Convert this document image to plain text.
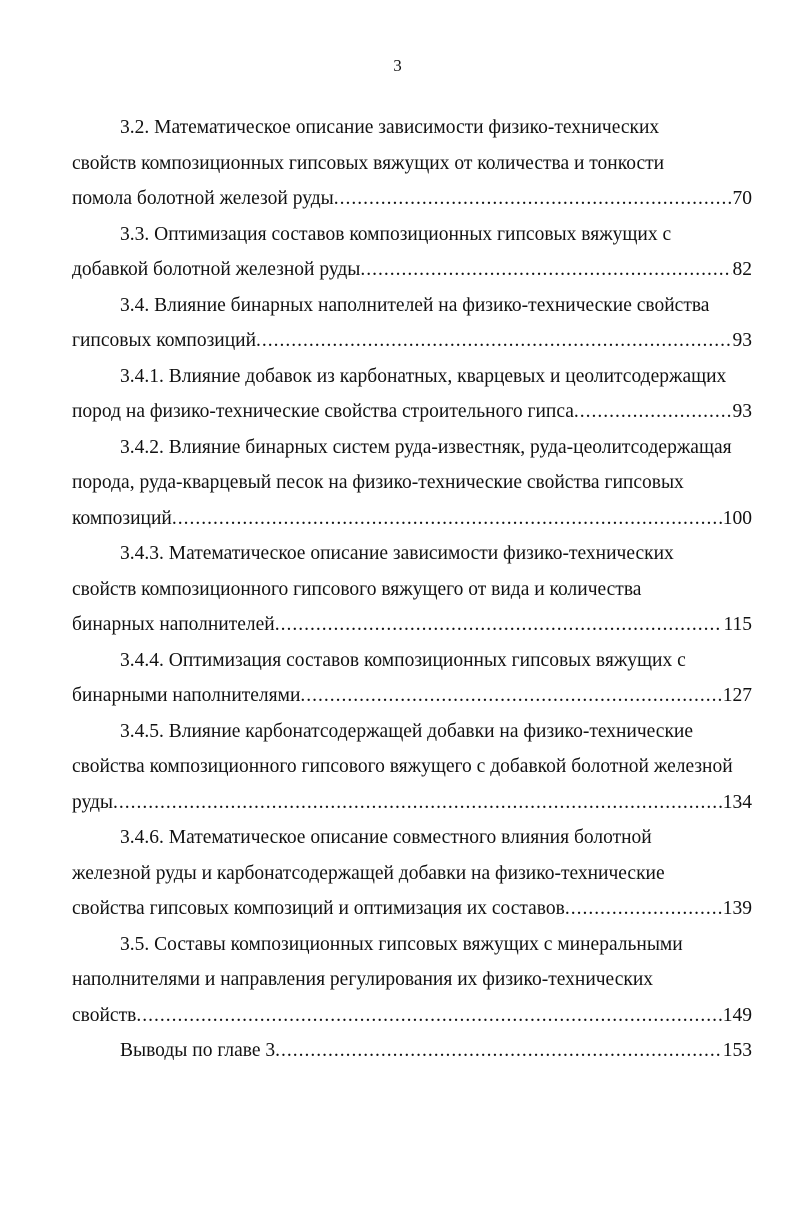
3
3.2. Математическое описание зависимости физико-технических
свойств композиционных гипсовых вяжущих от количества и тонкости
помола болотной железой руды .....	70
3.3. Оптимизация составов композиционных гипсовых вяжущих с
добавкой болотной железной руды .....	82
3.4. Влияние бинарных наполнителей на физико-технические свойства
гипсовых композиций .....	93
3.4.1. Влияние добавок из карбонатных, кварцевых и цеолитсодержащих
пород на физико-технические свойства строительного гипса .....	93
3.4.2. Влияние бинарных систем руда-известняк, руда-цеолитсодержащая
порода, руда-кварцевый песок на физико-технические свойства гипсовых
композиций .....	100
3.4.3. Математическое описание зависимости физико-технических
свойств композиционного гипсового вяжущего от вида и количества
бинарных наполнителей .....	115
3.4.4. Оптимизация составов композиционных гипсовых вяжущих с
бинарными наполнителями .....	127
3.4.5. Влияние карбонатсодержащей добавки на физико-технические
свойства композиционного гипсового вяжущего с добавкой болотной железной
руды .....	134
3.4.6. Математическое описание совместного влияния болотной
железной руды и карбонатсодержащей добавки на физико-технические
свойства гипсовых композиций и оптимизация их составов .....	139
3.5. Составы композиционных гипсовых вяжущих с минеральными
наполнителями и направления регулирования их физико-технических
свойств .....	149
Выводы по главе 3 .....	153
